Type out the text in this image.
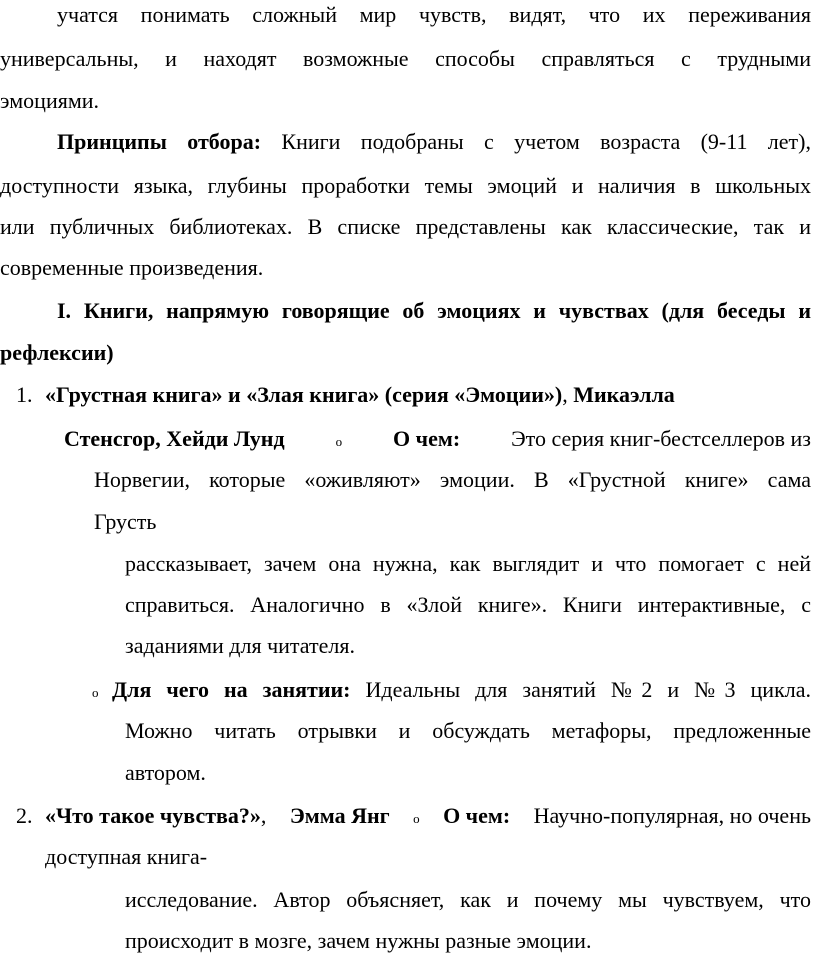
учатся понимать сложный мир чувств, видят, что их переживания
универсальны, и находят возможные способы справляться с трудными
эмоциями.
Принципы отбора: Книги подобраны с учетом возраста (9-11 лет),
доступности языка, глубины проработки темы эмоций и наличия в школьных
или публичных библиотеках. В списке представлены как классические, так и
современные произведения.
I. Книги, напрямую говорящие об эмоциях и чувствах (для беседы и
рефлексии)
1. «Грустная книга» и «Злая книга» (серия «Эмоции»), Микаэлла
Стенсгор, Хейди Лунд	o О чем: Это серия книг-бестселлеров из
Норвегии, которые «оживляют» эмоции. В «Грустной книге» сама
Грусть
рассказывает, зачем она нужна, как выглядит и что помогает с ней
справиться. Аналогично в «Злой книге». Книги интерактивные, с
заданиями для читателя.
o Для чего на занятии: Идеальны для занятий №2 и №3 цикла.
Можно читать отрывки и обсуждать метафоры, предложенные
автором.
2. «Что такое чувства?», Эмма Янг o О чем: Научно-популярная, но очень
доступная книга-
исследование. Автор объясняет, как и почему мы чувствуем, что
происходит в мозге, зачем нужны разные эмоции.
